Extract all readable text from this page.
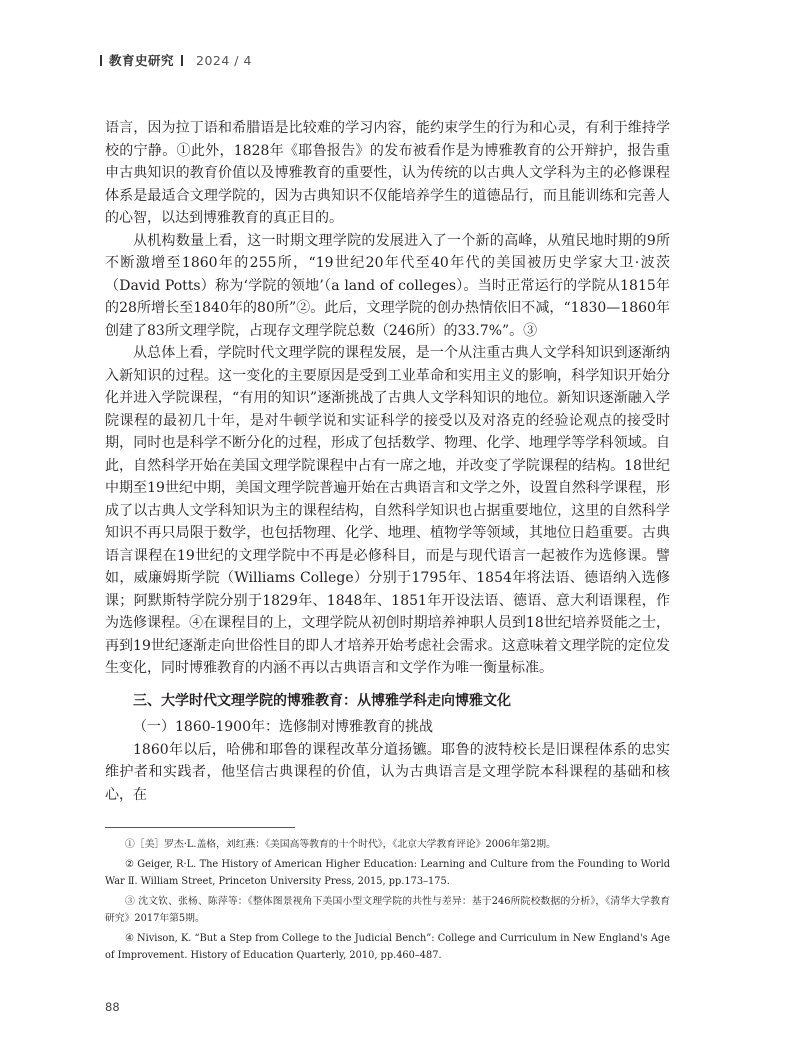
教育史研究 2024 / 4

语言，因为拉丁语和希腊语是比较难的学习内容，能约束学生的行为和心灵，有利于维持学校的宁静。①此外，1828年《耶鲁报告》的发布被看作是为博雅教育的公开辩护，报告重申古典知识的教育价值以及博雅教育的重要性，认为传统的以古典人文学科为主的必修课程体系是最适合文理学院的，因为古典知识不仅能培养学生的道德品行，而且能训练和完善人的心智，以达到博雅教育的真正目的。

从机构数量上看，这一时期文理学院的发展进入了一个新的高峰，从殖民地时期的9所不断激增至1860年的255所，“19世纪20年代至40年代的美国被历史学家大卫·波茨（David Potts）称为‘学院的领地’（a land of colleges）。当时正常运行的学院从1815年的28所增长至1840年的80所”②。此后，文理学院的创办热情依旧不减，“1830—1860年创建了83所文理学院，占现存文理学院总数（246所）的33.7%”。③

从总体上看，学院时代文理学院的课程发展，是一个从注重古典人文学科知识到逐渐纳入新知识的过程。这一变化的主要原因是受到工业革命和实用主义的影响，科学知识开始分化并进入学院课程，“有用的知识”逐渐挑战了古典人文学科知识的地位。新知识逐渐融入学院课程的最初几十年，是对牛顿学说和实证科学的接受以及对洛克的经验论观点的接受时期，同时也是科学不断分化的过程，形成了包括数学、物理、化学、地理学等学科领域。自此，自然科学开始在美国文理学院课程中占有一席之地，并改变了学院课程的结构。18世纪中期至19世纪中期，美国文理学院普遍开始在古典语言和文学之外，设置自然科学课程，形成了以古典人文学科知识为主的课程结构，自然科学知识也占据重要地位，这里的自然科学知识不再只局限于数学，也包括物理、化学、地理、植物学等领域，其地位日趋重要。古典语言课程在19世纪的文理学院中不再是必修科目，而是与现代语言一起被作为选修课。譬如，威廉姆斯学院（Williams College）分别于1795年、1854年将法语、德语纳入选修课；阿默斯特学院分别于1829年、1848年、1851年开设法语、德语、意大利语课程，作为选修课程。④在课程目的上，文理学院从初创时期培养神职人员到18世纪培养贤能之士，再到19世纪逐渐走向世俗性目的即人才培养开始考虑社会需求。这意味着文理学院的定位发生变化，同时博雅教育的内涵不再以古典语言和文学作为唯一衡量标准。

三、大学时代文理学院的博雅教育：从博雅学科走向博雅文化
（一）1860-1900年：选修制对博雅教育的挑战

1860年以后，哈佛和耶鲁的课程改革分道扬镳。耶鲁的波特校长是旧课程体系的忠实维护者和实践者，他坚信古典课程的价值，认为古典语言是文理学院本科课程的基础和核心，在

①［美］罗杰·L.盖格，刘红燕：《美国高等教育的十个时代》，《北京大学教育评论》2006年第2期。

② Geiger, R·L. The History of American Higher Education: Learning and Culture from the Founding to World War Ⅱ. William Street, Princeton University Press, 2015, pp.173–175.

③ 沈文钦、张杨、陈萍等：《整体图景视角下美国小型文理学院的共性与差异：基于246所院校数据的分析》，《清华大学教育研究》2017年第5期。

④ Nivison, K. “But a Step from College to the Judicial Bench”: College and Curriculum in New England's Age of Improvement. History of Education Quarterly, 2010, pp.460–487.

88
